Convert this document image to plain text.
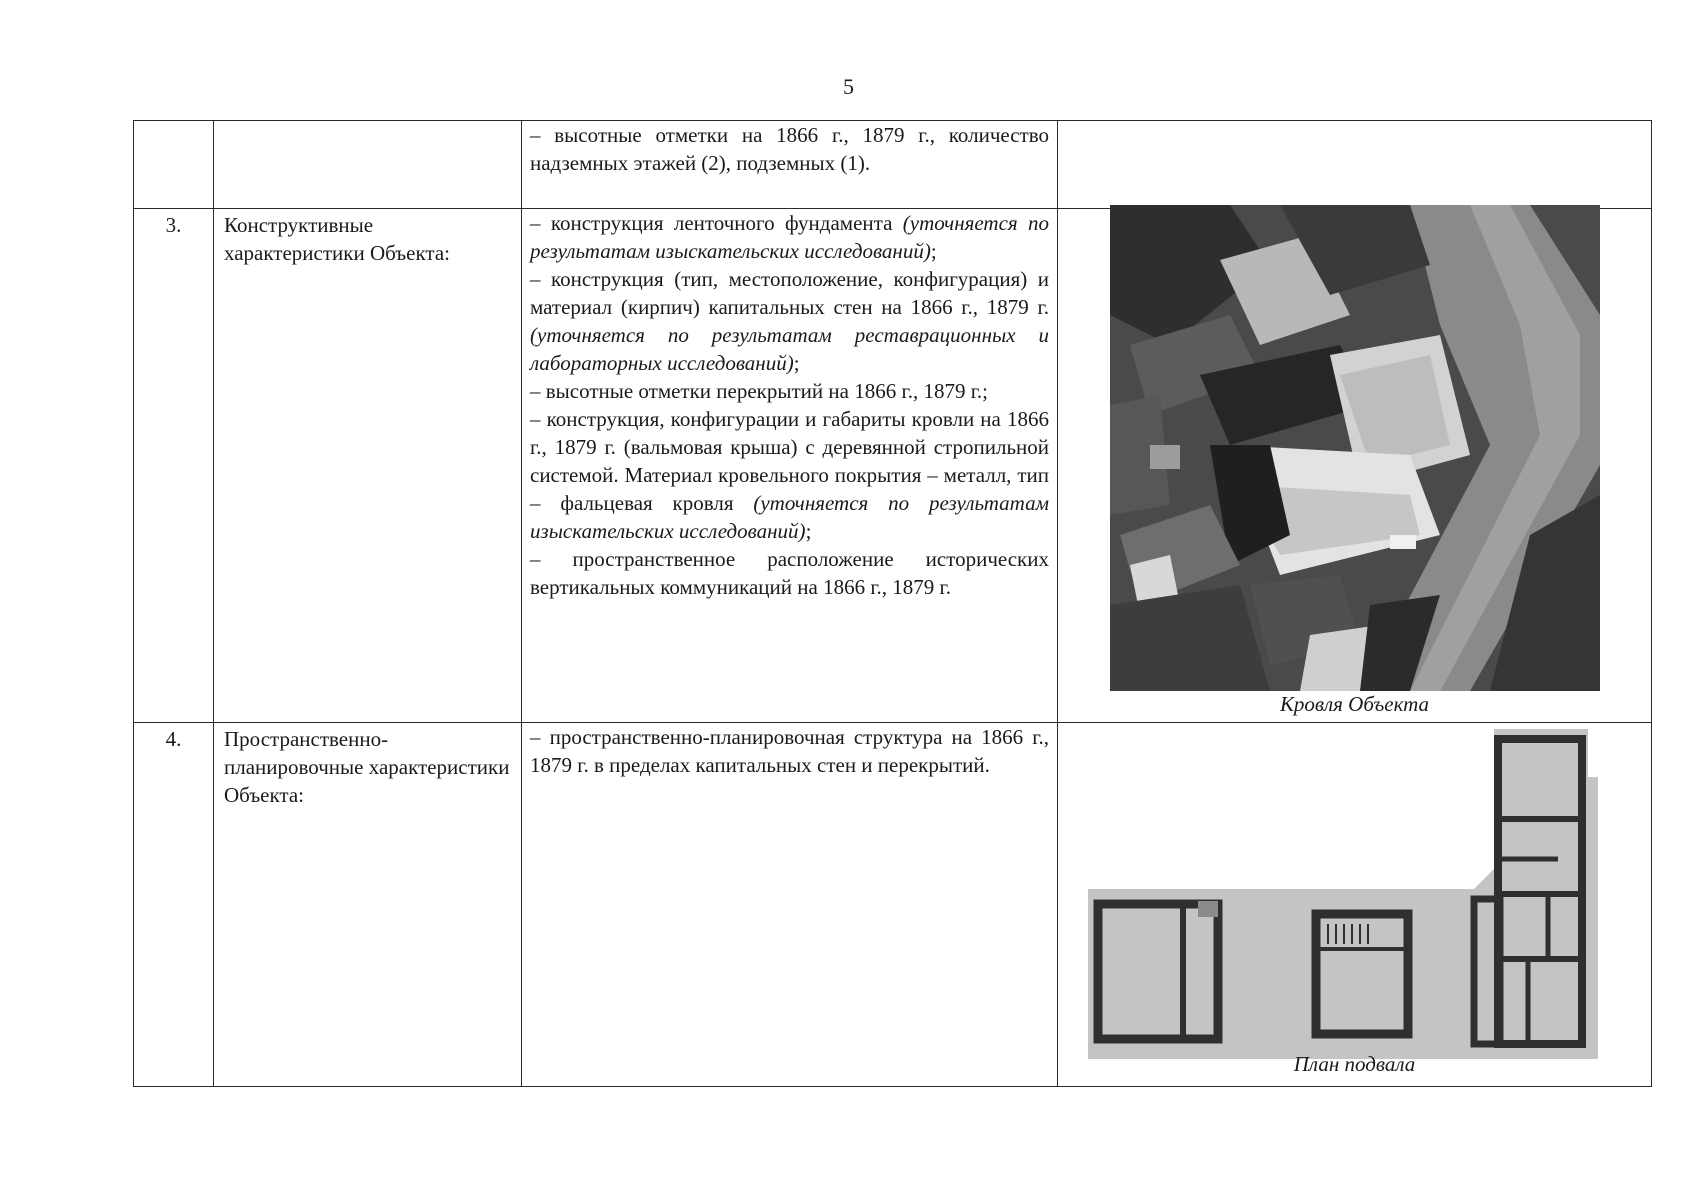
5

		– высотные отметки на 1866 г., 1879 г., количество надземных этажей (2), подземных (1).	

3.	Конструктивные характеристики Объекта:	– конструкция ленточного фундамента (уточняется по результатам изыскательских исследований);

– конструкция (тип, местоположение, конфигурация) и материал (кирпич) капитальных стен на 1866 г., 1879 г. (уточняется по результатам реставрационных и лабораторных исследований);

– высотные отметки перекрытий на 1866 г., 1879 г.;

– конструкция, конфигурации и габариты кровли на 1866 г., 1879 г. (вальмовая крыша) с деревянной стропильной системой. Материал кровельного покрытия – металл, тип – фальцевая кровля (уточняется по результатам изыскательских исследований);

– пространственное расположение исторических вертикальных коммуникаций на 1866 г., 1879 г.	Кровля Объекта

4.	Пространственно-планировочные характеристики Объекта:	– пространственно-планировочная структура на 1866 г., 1879 г. в пределах капитальных стен и перекрытий.	План подвала
